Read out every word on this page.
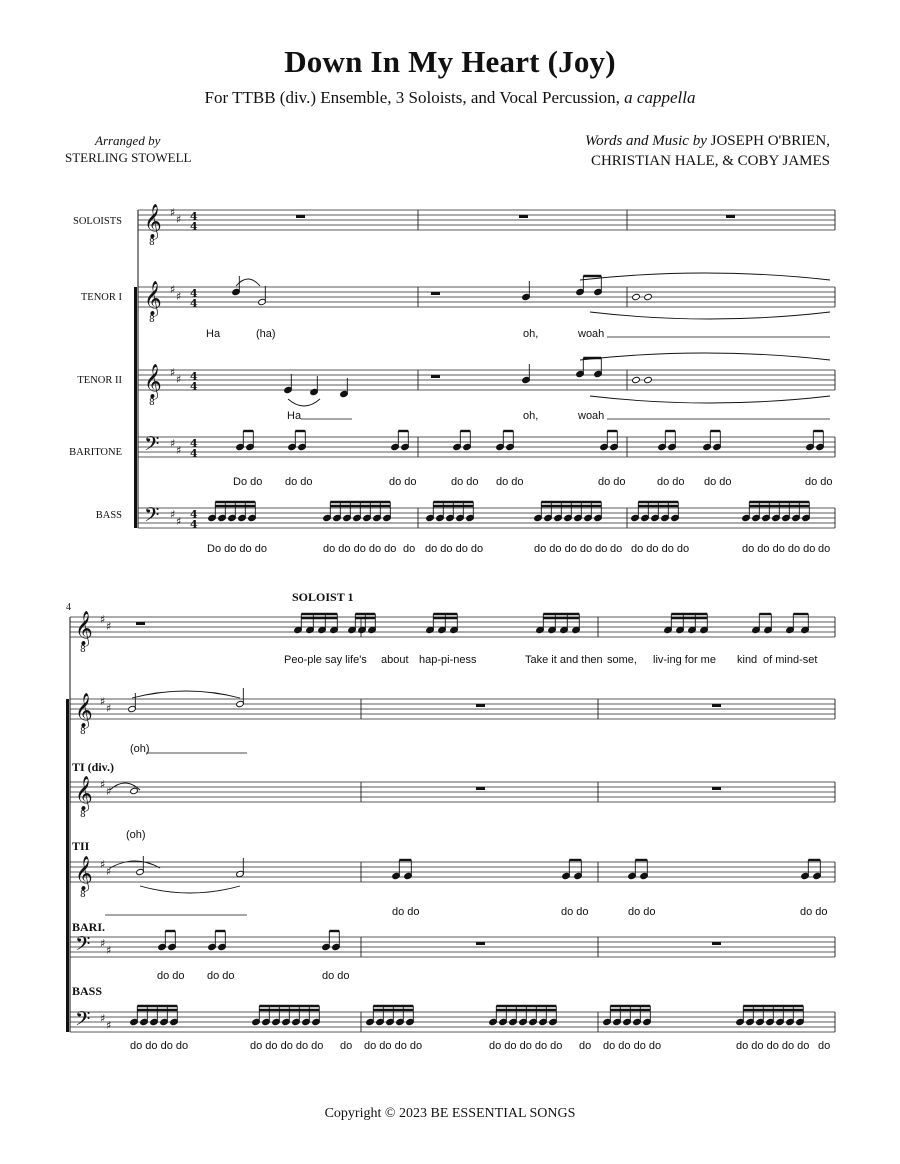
Down In My Heart (Joy)
For TTBB (div.) Ensemble, 3 Soloists, and Vocal Percussion, a cappella
Arranged by
STERLING STOWELL
Words and Music by JOSEPH O'BRIEN,
CHRISTIAN HALE, & COBY JAMES
𝄞
8
♯
♯ 4
4
𝄞
8
♯
♯ 4
4
𝄞
8
♯
♯ 4
4
𝄢 ♯
♯
4
4
𝄢 ♯
♯
4
4
𝄞
8
♯
♯
𝄞
8
♯
♯
𝄞
8
♯
♯
𝄞
8
♯
♯
𝄢 ♯
♯
𝄢 ♯
♯
SOLOISTS
TENOR I
TENOR II
BARITONE
BASS
Ha	(ha)	oh,	woah
Ha	oh,	woah
Do do do do	do do	do do do do	do do	do do do do	do do
Do do do do	do do do do do do do do do do	do do do do do do do do do do	do do do do do do
4
SOLOIST 1
TI (div.)
TII
BARI.
BASS
Peo-ple say life's about hap-pi-ness	Take it and then some, liv-ing for me kind of mind-set
(oh)
(oh)
do do	do do	do do	do do
do do do do	do do
do do do do	do do do do do do do do do do	do do do do do do do do do do	do do do do do do
Copyright © 2023 BE ESSENTIAL SONGS
